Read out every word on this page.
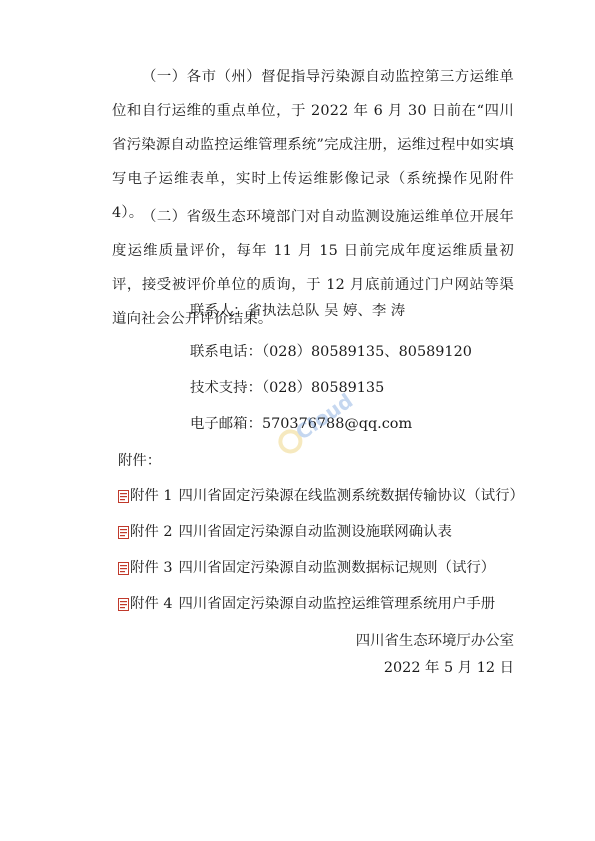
（一）各市（州）督促指导污染源自动监控第三方运维单位和自行运维的重点单位，于 2022 年 6 月 30 日前在“四川省污染源自动监控运维管理系统”完成注册，运维过程中如实填写电子运维表单，实时上传运维影像记录（系统操作见附件 4）。

（二）省级生态环境部门对自动监测设施运维单位开展年度运维质量评价，每年 11 月 15 日前完成年度运维质量初评，接受被评价单位的质询，于 12 月底前通过门户网站等渠道向社会公开评价结果。

联系人：省执法总队 吴 婷、李 涛
联系电话：（028）80589135、80589120
技术支持：（028）80589135
电子邮箱：570376788@qq.com
Cloud
附件：
附件 1 四川省固定污染源在线监测系统数据传输协议（试行）
附件 2 四川省固定污染源自动监测设施联网确认表
附件 3 四川省固定污染源自动监测数据标记规则（试行）
附件 4 四川省固定污染源自动监控运维管理系统用户手册
四川省生态环境厅办公室
2022 年 5 月 12 日
